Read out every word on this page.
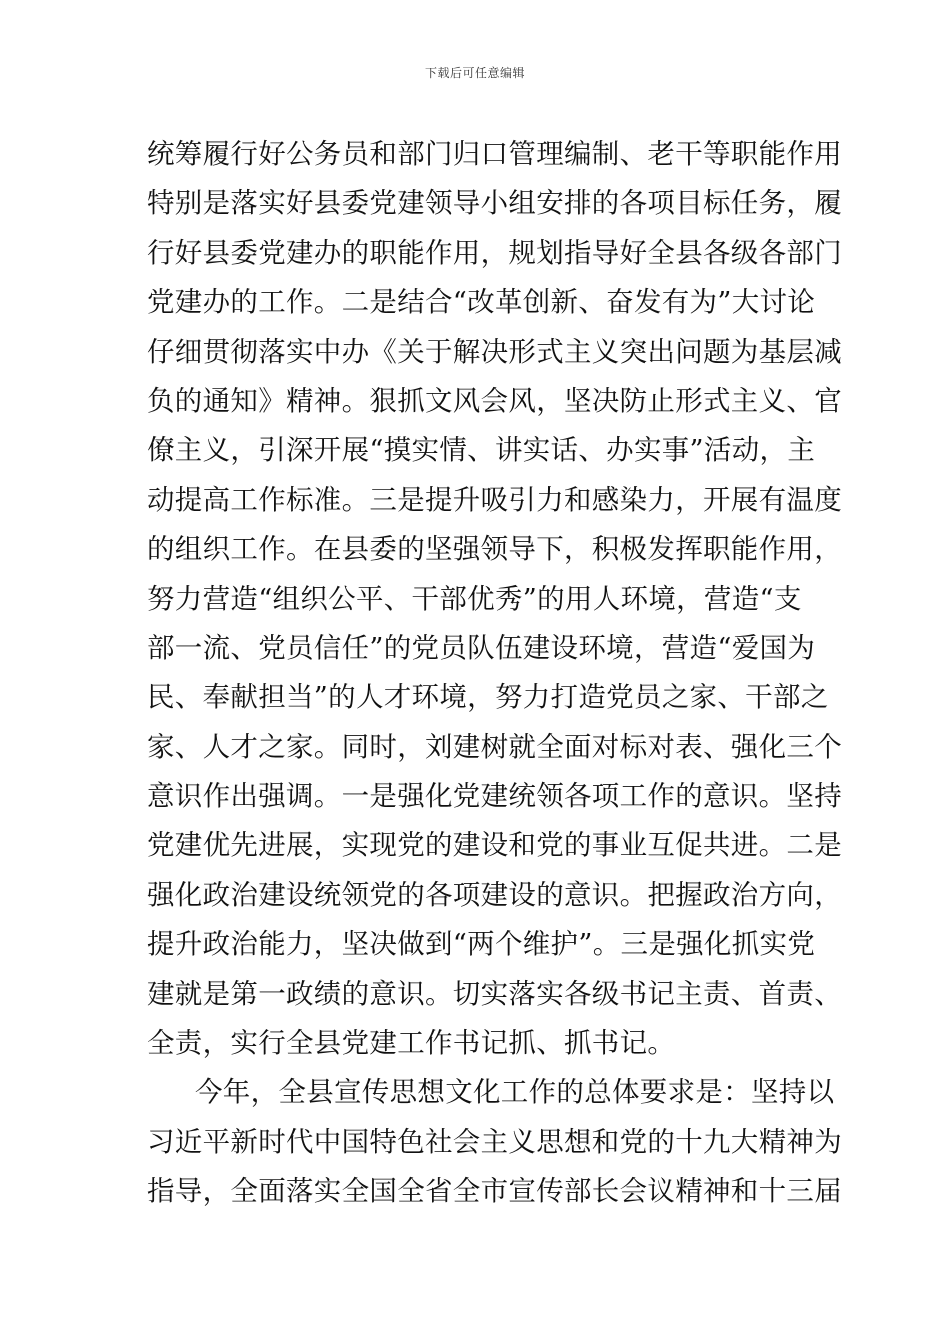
下载后可任意编辑
统筹履行好公务员和部门归口管理编制、老干等职能作用
特别是落实好县委党建领导小组安排的各项目标任务，履
行好县委党建办的职能作用，规划指导好全县各级各部门
党建办的工作。二是结合“改革创新、奋发有为”大讨论
仔细贯彻落实中办《关于解决形式主义突出问题为基层减
负的通知》精神。狠抓文风会风，坚决防止形式主义、官
僚主义，引深开展“摸实情、讲实话、办实事”活动，主
动提高工作标准。三是提升吸引力和感染力，开展有温度
的组织工作。在县委的坚强领导下，积极发挥职能作用，
努力营造“组织公平、干部优秀”的用人环境，营造“支
部一流、党员信任”的党员队伍建设环境，营造“爱国为
民、奉献担当”的人才环境，努力打造党员之家、干部之
家、人才之家。同时，刘建树就全面对标对表、强化三个
意识作出强调。一是强化党建统领各项工作的意识。坚持
党建优先进展，实现党的建设和党的事业互促共进。二是
强化政治建设统领党的各项建设的意识。把握政治方向，
提升政治能力，坚决做到“两个维护”。三是强化抓实党
建就是第一政绩的意识。切实落实各级书记主责、首责、
全责，实行全县党建工作书记抓、抓书记。
今年，全县宣传思想文化工作的总体要求是：坚持以
习近平新时代中国特色社会主义思想和党的十九大精神为
指导，全面落实全国全省全市宣传部长会议精神和十三届
